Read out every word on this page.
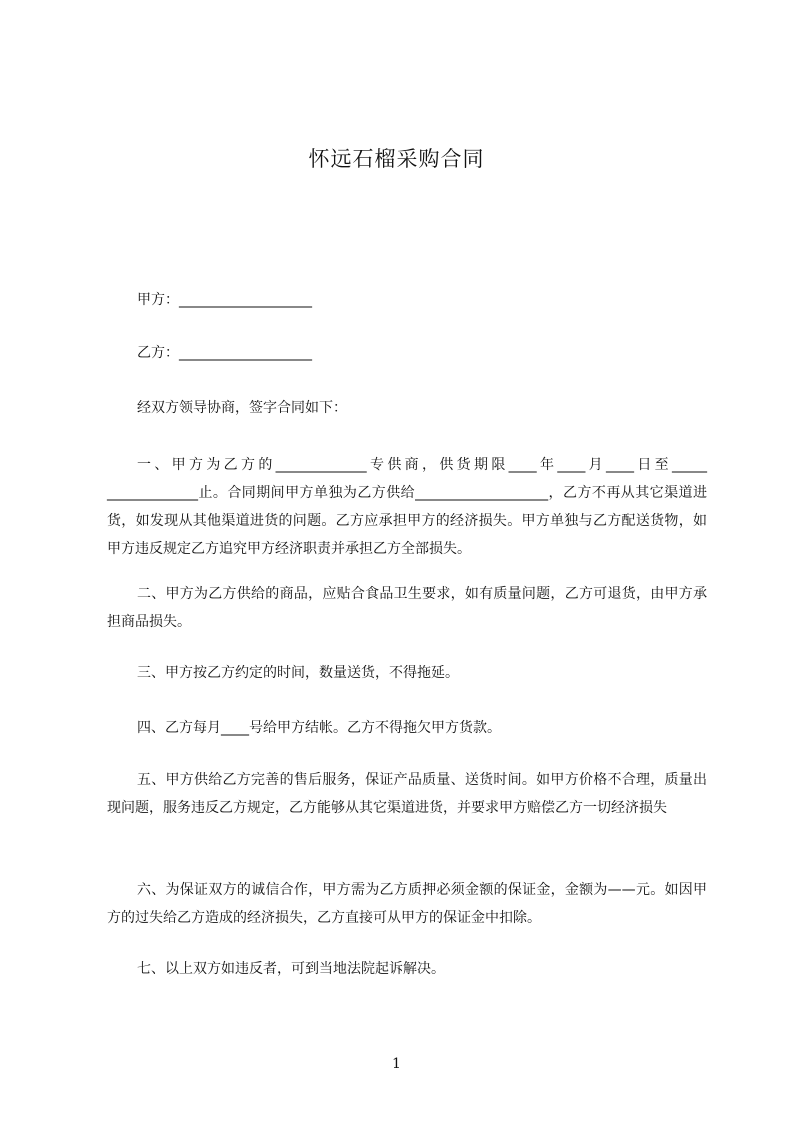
怀远石榴采购合同
甲方：___________________
乙方：___________________
经双方领导协商，签字合同如下：
一、甲方为乙方的_____________专供商，供货期限____年____月____日至_____ _____________止。合同期间甲方单独为乙方供给___________________，乙方不再从其它渠道进货，如发现从其他渠道进货的问题。乙方应承担甲方的经济损失。甲方单独与乙方配送货物，如甲方违反规定乙方追究甲方经济职责并承担乙方全部损失。
二、甲方为乙方供给的商品，应贴合食品卫生要求，如有质量问题，乙方可退货，由甲方承担商品损失。
三、甲方按乙方约定的时间，数量送货，不得拖延。
四、乙方每月____号给甲方结帐。乙方不得拖欠甲方货款。
五、甲方供给乙方完善的售后服务，保证产品质量、送货时间。如甲方价格不合理，质量出现问题，服务违反乙方规定，乙方能够从其它渠道进货，并要求甲方赔偿乙方一切经济损失
六、为保证双方的诚信合作，甲方需为乙方质押必须金额的保证金，金额为——元。如因甲方的过失给乙方造成的经济损失，乙方直接可从甲方的保证金中扣除。
七、以上双方如违反者，可到当地法院起诉解决。
1
